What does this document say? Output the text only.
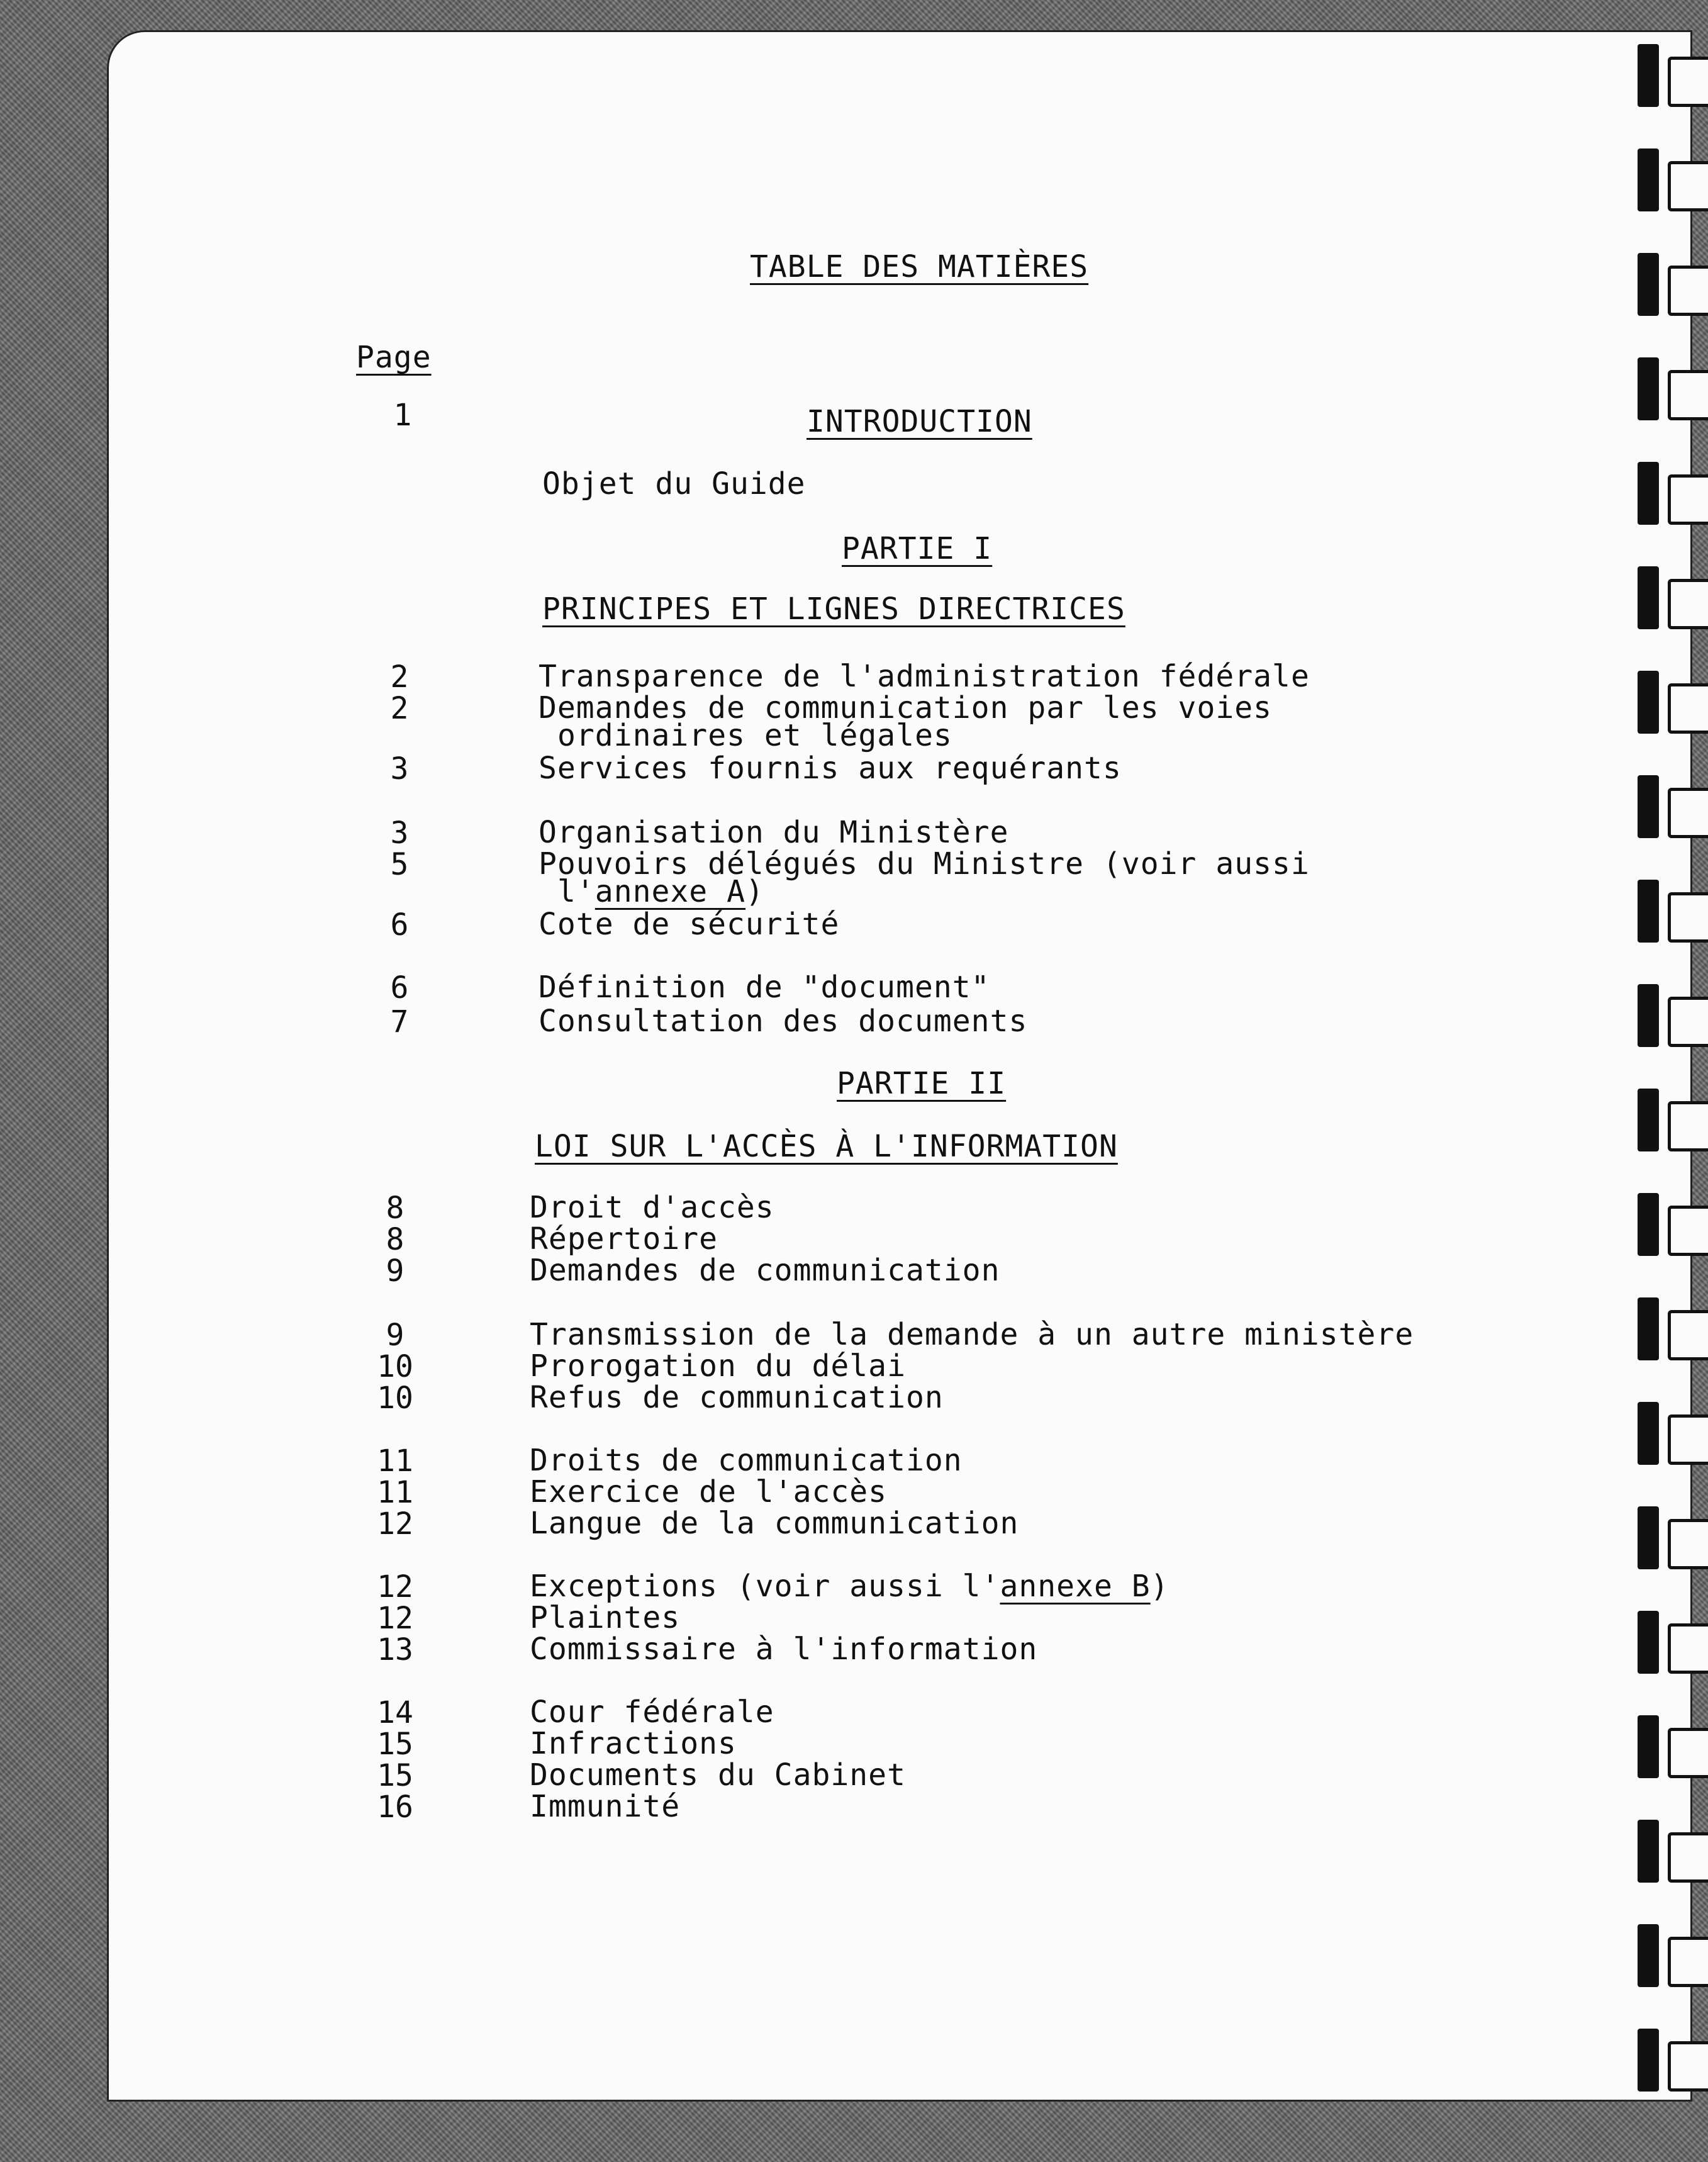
TABLE DES MATIÈRES
Page
1	INTRODUCTION
Objet du Guide
PARTIE I
PRINCIPES ET LIGNES DIRECTRICES
2	Transparence de l'administration fédérale
2	Demandes de communication par les voies
ordinaires et légales
3	Services fournis aux requérants
3	Organisation du Ministère
5	Pouvoirs délégués du Ministre (voir aussi
l'annexe A)
6	Cote de sécurité
6	Définition de "document"
7	Consultation des documents
PARTIE II
LOI SUR L'ACCÈS À L'INFORMATION
8	Droit d'accès
8	Répertoire
9	Demandes de communication
9	Transmission de la demande à un autre ministère
10	Prorogation du délai
10	Refus de communication
11	Droits de communication
11	Exercice de l'accès
12	Langue de la communication
12	Exceptions (voir aussi l'annexe B)
12	Plaintes
13	Commissaire à l'information
14	Cour fédérale
15	Infractions
15	Documents du Cabinet
16	Immunité
